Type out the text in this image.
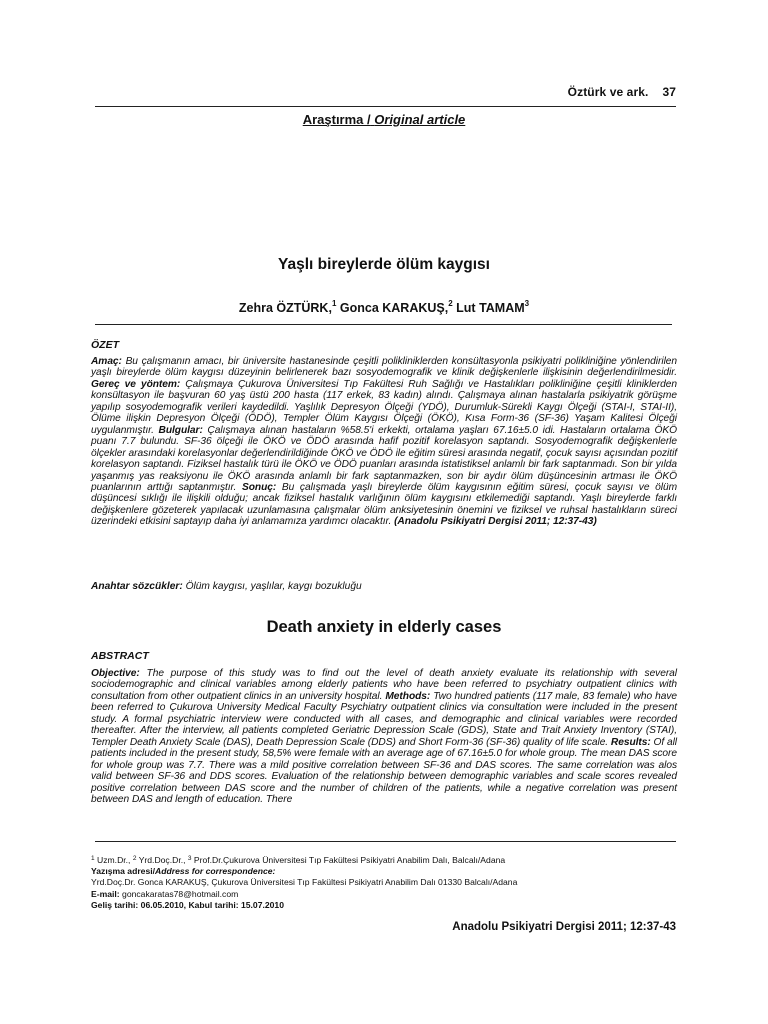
Öztürk ve ark. 37
Araştırma / Original article
Yaşlı bireylerde ölüm kaygısı
Zehra ÖZTÜRK,$^1$ Gonca KARAKUŞ,$^2$ Lut TAMAM$^3$
ÖZET
Amaç: Bu çalışmanın amacı, bir üniversite hastanesinde çeşitli polikliniklerden konsültasyonla psikiyatri polikliniğine yönlendirilen yaşlı bireylerde ölüm kaygısı düzeyinin belirlenerek bazı sosyodemografik ve klinik değişkenlerle ilişkisinin değerlendirilmesidir. Gereç ve yöntem: Çalışmaya Çukurova Üniversitesi Tıp Fakültesi Ruh Sağlığı ve Hastalıkları polikliniğine çeşitli kliniklerden konsültasyon ile başvuran 60 yaş üstü 200 hasta (117 erkek, 83 kadın) alındı. Çalışmaya alınan hastalarla psikiyatrik görüşme yapılıp sosyodemografik verileri kaydedildi. Yaşlılık Depresyon Ölçeği (YDÖ), Durumluk-Sürekli Kaygı Ölçeği (STAI-I, STAI-II), Ölüme ilişkin Depresyon Ölçeği (ÖDÖ), Templer Ölüm Kaygısı Ölçeği (ÖKÖ), Kısa Form-36 (SF-36) Yaşam Kalitesi Ölçeği uygulanmıştır. Bulgular: Çalışmaya alınan hastaların %58.5'i erkekti, ortalama yaşları 67.16±5.0 idi. Hastaların ortalama ÖKÖ puanı 7.7 bulundu. SF-36 ölçeği ile ÖKÖ ve ÖDÖ arasında hafif pozitif korelasyon saptandı. Sosyodemografik değişkenlerle ölçekler arasındaki korelasyonlar değerlendirildiğinde ÖKÖ ve ÖDÖ ile eğitim süresi arasında negatif, çocuk sayısı açısından pozitif korelasyon saptandı. Fiziksel hastalık türü ile ÖKÖ ve ÖDÖ puanları arasında istatistiksel anlamlı bir fark saptanmadı. Son bir yılda yaşanmış yas reaksiyonu ile ÖKÖ arasında anlamlı bir fark saptanmazken, son bir aydır ölüm düşüncesinin artması ile ÖKÖ puanlarının arttığı saptanmıştır. Sonuç: Bu çalışmada yaşlı bireylerde ölüm kaygısının eğitim süresi, çocuk sayısı ve ölüm düşüncesi sıklığı ile ilişkili olduğu; ancak fiziksel hastalık varlığının ölüm kaygısını etkilemediği saptandı. Yaşlı bireylerde farklı değişkenlere gözeterek yapılacak uzunlamasına çalışmalar ölüm anksiyetesinin önemini ve fiziksel ve ruhsal hastalıkların süreci üzerindeki etkisini saptayıp daha iyi anlamamıza yardımcı olacaktır. (Anadolu Psikiyatri Dergisi 2011; 12:37-43)
Anahtar sözcükler: Ölüm kaygısı, yaşlılar, kaygı bozukluğu
Death anxiety in elderly cases
ABSTRACT
Objective: The purpose of this study was to find out the level of death anxiety evaluate its relationship with several sociodemographic and clinical variables among elderly patients who have been referred to psychiatry outpatient clinics with consultation from other outpatient clinics in an university hospital. Methods: Two hundred patients (117 male, 83 female) who have been referred to Çukurova University Medical Faculty Psychiatry outpatient clinics via consultation were included in the present study. A formal psychiatric interview were conducted with all cases, and demographic and clinical variables were recorded thereafter. After the interview, all patients completed Geriatric Depression Scale (GDS), State and Trait Anxiety Inventory (STAI), Templer Death Anxiety Scale (DAS), Death Depression Scale (DDS) and Short Form-36 (SF-36) quality of life scale. Results: Of all patients included in the present study, 58,5% were female with an average age of 67.16±5.0 for whole group. The mean DAS score for whole group was 7.7. There was a mild positive correlation between SF-36 and DAS scores. The same correlation was alos valid between SF-36 and DDS scores. Evaluation of the relationship between demographic variables and scale scores revealed positive correlation between DAS score and the number of children of the patients, while a negative correlation was present between DAS and length of education. There
$^1$ Uzm.Dr., $^2$ Yrd.Doç.Dr., $^3$ Prof.Dr.Çukurova Üniversitesi Tıp Fakültesi Psikiyatri Anabilim Dalı, Balcalı/Adana
Yazışma adresi/Address for correspondence:
Yrd.Doç.Dr. Gonca KARAKUŞ, Çukurova Üniversitesi Tıp Fakültesi Psikiyatri Anabilim Dalı 01330 Balcalı/Adana
E-mail: goncakaratas78@hotmail.com
Geliş tarihi: 06.05.2010, Kabul tarihi: 15.07.2010
Anadolu Psikiyatri Dergisi 2011; 12:37-43
